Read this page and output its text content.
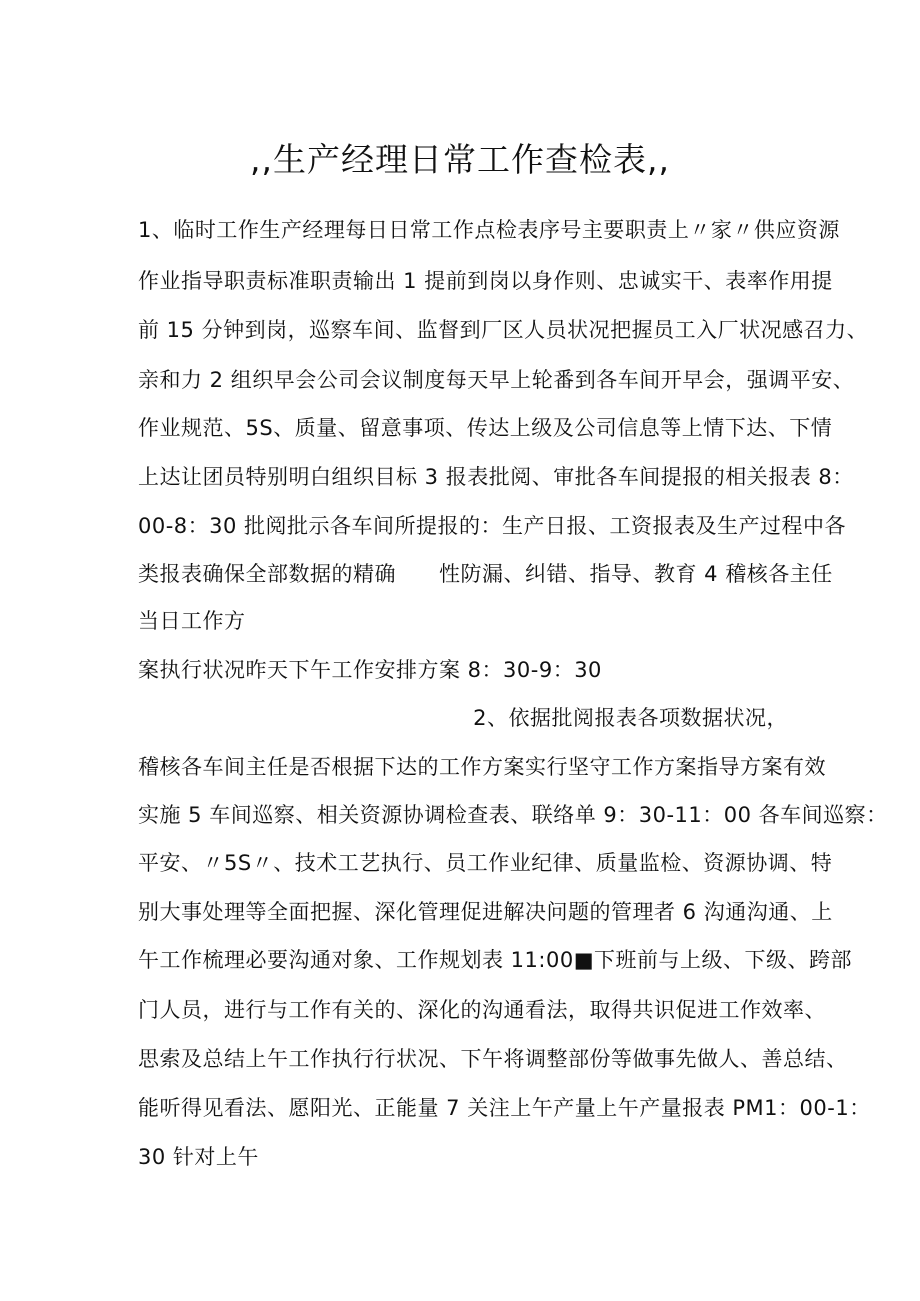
,,生产经理日常工作查检表,,
1、临时工作生产经理每日日常工作点检表序号主要职责上〃家〃供应资源
作业指导职责标准职责输出 1 提前到岗以身作则、忠诚实干、表率作用提
前 15 分钟到岗，巡察车间、监督到厂区人员状况把握员工入厂状况感召力、
亲和力 2 组织早会公司会议制度每天早上轮番到各车间开早会，强调平安、
作业规范、5S、质量、留意事项、传达上级及公司信息等上情下达、下情
上达让团员特别明白组织目标 3 报表批阅、审批各车间提报的相关报表 8：
00-8：30 批阅批示各车间所提报的：生产日报、工资报表及生产过程中各
类报表确保全部数据的精确　　性防漏、纠错、指导、教育 4 稽核各主任
当日工作方
案执行状况昨天下午工作安排方案 8：30-9：30
2、依据批阅报表各项数据状况，
稽核各车间主任是否根据下达的工作方案实行坚守工作方案指导方案有效
实施 5 车间巡察、相关资源协调检查表、联络单 9：30-11：00 各车间巡察：
平安、〃5S〃、技术工艺执行、员工作业纪律、质量监检、资源协调、特
别大事处理等全面把握、深化管理促进解决问题的管理者 6 沟通沟通、上
午工作梳理必要沟通对象、工作规划表 11:00■下班前与上级、下级、跨部
门人员，进行与工作有关的、深化的沟通看法，取得共识促进工作效率、
思索及总结上午工作执行行状况、下午将调整部份等做事先做人、善总结、
能听得见看法、愿阳光、正能量 7 关注上午产量上午产量报表 PM1：00-1：
30 针对上午
